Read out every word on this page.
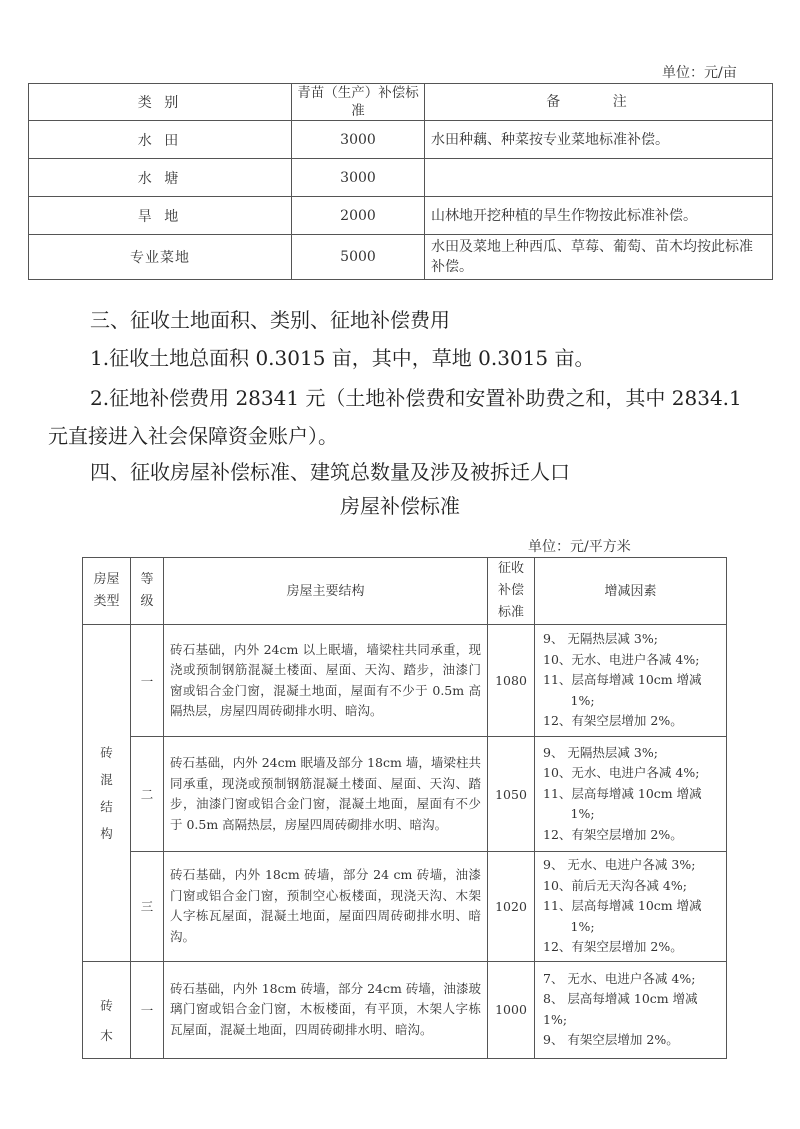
单位：元/亩
类 别	青苗（生产）补偿标准	备 注
水 田	3000	水田种藕、种菜按专业菜地标准补偿。
水 塘	3000	
旱 地	2000	山林地开挖种植的旱生作物按此标准补偿。
专业菜地	5000	水田及菜地上种西瓜、草莓、葡萄、苗木均按此标准补偿。
三、征收土地面积、类别、征地补偿费用
1.征收土地总面积 0.3015 亩，其中，草地 0.3015 亩。
2.征地补偿费用 28341 元（土地补偿费和安置补助费之和，其中 2834.1
元直接进入社会保障资金账户）。
四、征收房屋补偿标准、建筑总数量及涉及被拆迁人口
房屋补偿标准
单位：元/平方米
房屋类型	等级	房屋主要结构	征收补偿标准	增减因素
砖混结构	一	砖石基础，内外 24cm 以上眠墙，墙梁柱共同承重，现浇或预制钢筋混凝土楼面、屋面、天沟、踏步，油漆门窗或铝合金门窗，混凝土地面，屋面有不少于 0.5m 高隔热层，房屋四周砖砌排水明、暗沟。	1080	9、 无隔热层减 3%;
10、无水、电进户各减 4%;
11、层高每增减 10cm 增减 1%;
12、有架空层增加 2%。

	二	砖石基础，内外 24cm 眠墙及部分 18cm 墙，墙梁柱共同承重，现浇或预制钢筋混凝土楼面、屋面、天沟、踏步，油漆门窗或铝合金门窗，混凝土地面，屋面有不少于 0.5m 高隔热层，房屋四周砖砌排水明、暗沟。	1050	9、 无隔热层减 3%;
10、无水、电进户各减 4%;
11、层高每增减 10cm 增减 1%;
12、有架空层增加 2%。

	三	砖石基础，内外 18cm 砖墙，部分 24 cm 砖墙，油漆门窗或铝合金门窗，预制空心板楼面，现浇天沟、木架人字栋瓦屋面，混凝土地面，屋面四周砖砌排水明、暗沟。	1020	9、 无水、电进户各减 3%;
10、前后无天沟各减 4%;
11、层高每增减 10cm 增减 1%;
12、有架空层增加 2%。

砖木	一	砖石基础，内外 18cm 砖墙，部分 24cm 砖墙，油漆玻璃门窗或铝合金门窗，木板楼面，有平顶，木架人字栋瓦屋面，混凝土地面，四周砖砌排水明、暗沟。	1000	7、 无水、电进户各减 4%;
8、 层高每增减 10cm 增减 1%;
9、 有架空层增加 2%。
